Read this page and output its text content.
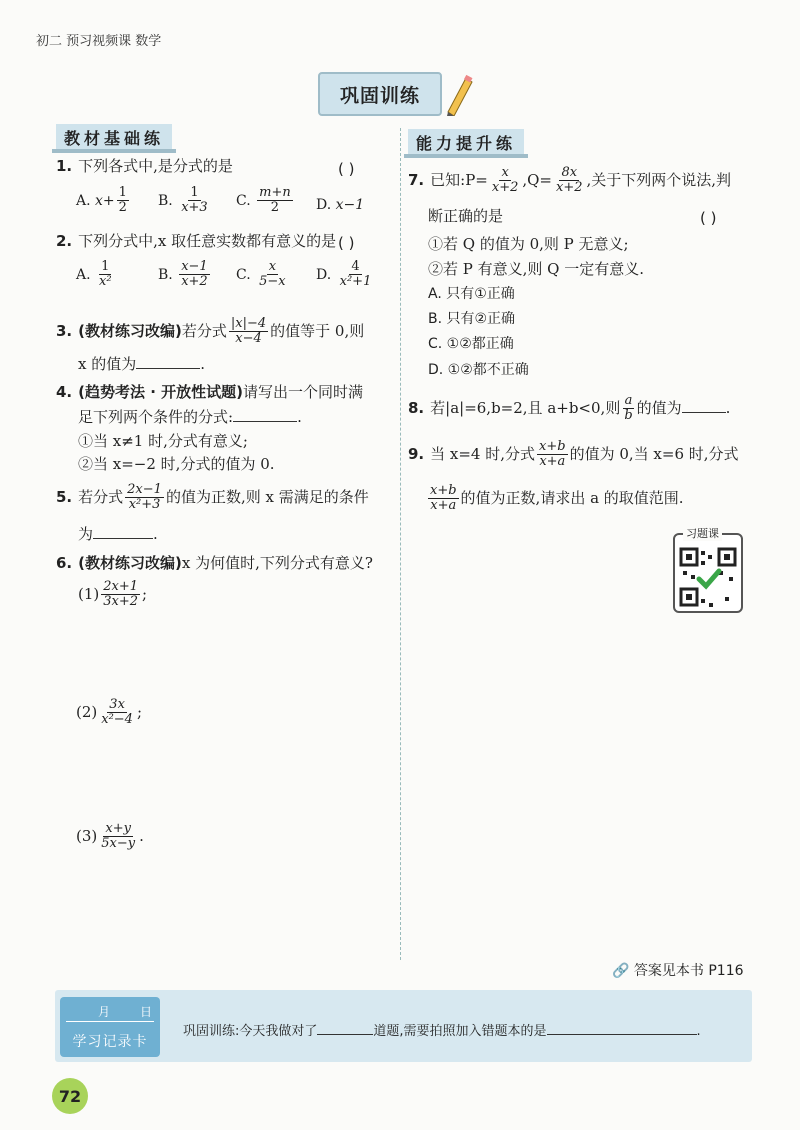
初二 预习视频课 数学
巩固训练
教材基础练	能力提升练
1. 下列各式中,是分式的是	( )
A. $x+ \frac{1}{2} B$. $\frac{1}{x+3} C$. $\frac{m+n}{2} D$. x−1
2. 下列分式中,x 取任意实数都有意义的是 ( )
A. $\frac{1}{\text{x²}}$	B. $\frac{x-1}{x+2} C$. $\frac{x}{5-x} D$. $\frac{4}{\text{x²+1}}$
3. (教材练习改编)若分式 $\frac{|x|-4}{x-4}$ 的值等于 0,则
x 的值为	.
4. (趋势考法 · 开放性试题)请写出一个同时满
足下列两个条件的分式:	.
①当 x≠1 时,分式有意义;
②当 x=−2 时,分式的值为 0.
5. 若分式 $\frac{2x-1}{\text{x²+3}}$ 的值为正数,则 x 需满足的条件
为	.
6. (教材练习改编)x 为何值时,下列分式有意义?
$(1) \frac{2x+1}{3x+2}$ ;
$(2) \frac{3x}{\text{x²−4}}$ ;
$(3) \frac{x+y}{5x-y}$ .
7. 已知:P= $\frac{x}{x+2} ,Q= \frac{8x}{x+2}$ ,关于下列两个说法,判
断正确的是	( )
①若 Q 的值为 0,则 P 无意义;
②若 P 有意义,则 Q 一定有意义.
A. 只有①正确
B. 只有②正确
C. ①②都正确
D. ①②都不正确
8. 若|a|=6,b=2,且 a+b<0,则 $\frac{a}{b}$ 的值为	.
9. 当 x=4 时,分式 $\frac{x+b}{x+a}$ 的值为 0,当 x=6 时,分式
$\frac{x+b}{x+a}$ 的值为正数,请求出 a 的取值范围.
习题课
🔗 答案见本书 P116
月 日
学习记录卡
巩固训练:今天我做对了	道题,需要拍照加入错题本的是	.
72
